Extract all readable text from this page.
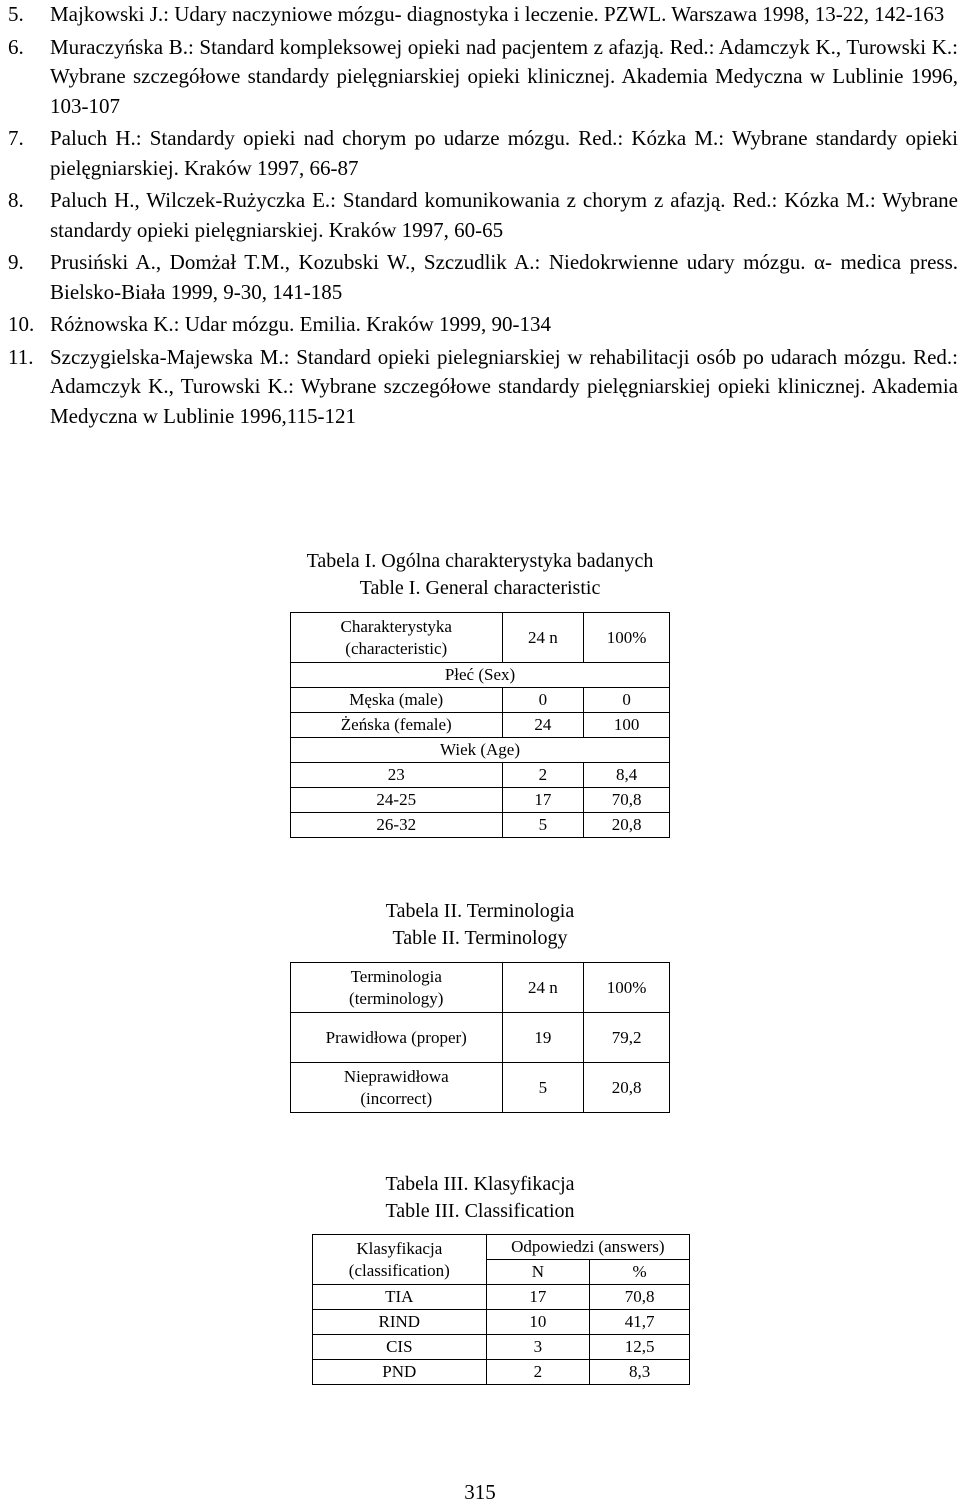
5. Majkowski J.: Udary naczyniowe mózgu- diagnostyka i leczenie. PZWL. Warszawa 1998, 13-22, 142-163
6. Muraczyńska B.: Standard kompleksowej opieki nad pacjentem z afazją. Red.: Adamczyk K., Turowski K.: Wybrane szczegółowe standardy pielęgniarskiej opieki klinicznej. Akademia Medyczna w Lublinie 1996, 103-107
7. Paluch H.: Standardy opieki nad chorym po udarze mózgu. Red.: Kózka M.: Wybrane standardy opieki pielęgniarskiej. Kraków 1997, 66-87
8. Paluch H., Wilczek-Rużyczka E.: Standard komunikowania z chorym z afazją. Red.: Kózka M.: Wybrane standardy opieki pielęgniarskiej. Kraków 1997, 60-65
9. Prusiński A., Domżał T.M., Kozubski W., Szczudlik A.: Niedokrwienne udary mózgu. α- medica press. Bielsko-Biała 1999, 9-30, 141-185
10. Różnowska K.: Udar mózgu. Emilia. Kraków 1999, 90-134
11. Szczygielska-Majewska M.: Standard opieki pielegniarskiej w rehabilitacji osób po udarach mózgu. Red.: Adamczyk K., Turowski K.: Wybrane szczegółowe standardy pielęgniarskiej opieki klinicznej. Akademia Medyczna w Lublinie 1996,115-121
Tabela I. Ogólna charakterystyka badanych
Table I. General characteristic
Charakterystyka
(characteristic)	24 n	100%
Płeć (Sex)		
Męska (male)	0	0
Żeńska (female)	24	100
Wiek (Age)		
23	2	8,4
24-25	17	70,8
26-32	5	20,8
Tabela II. Terminologia
Table II. Terminology
Terminologia
(terminology)	24 n	100%
Prawidłowa (proper)	19	79,2

Nieprawidłowa
(incorrect)	5	20,8
Tabela III. Klasyfikacja
Table III. Classification
Klasyfikacja
(classification)	Odpowiedzi (answers)	
	N	%
TIA	17	70,8
RIND	10	41,7
CIS	3	12,5
PND	2	8,3
315
